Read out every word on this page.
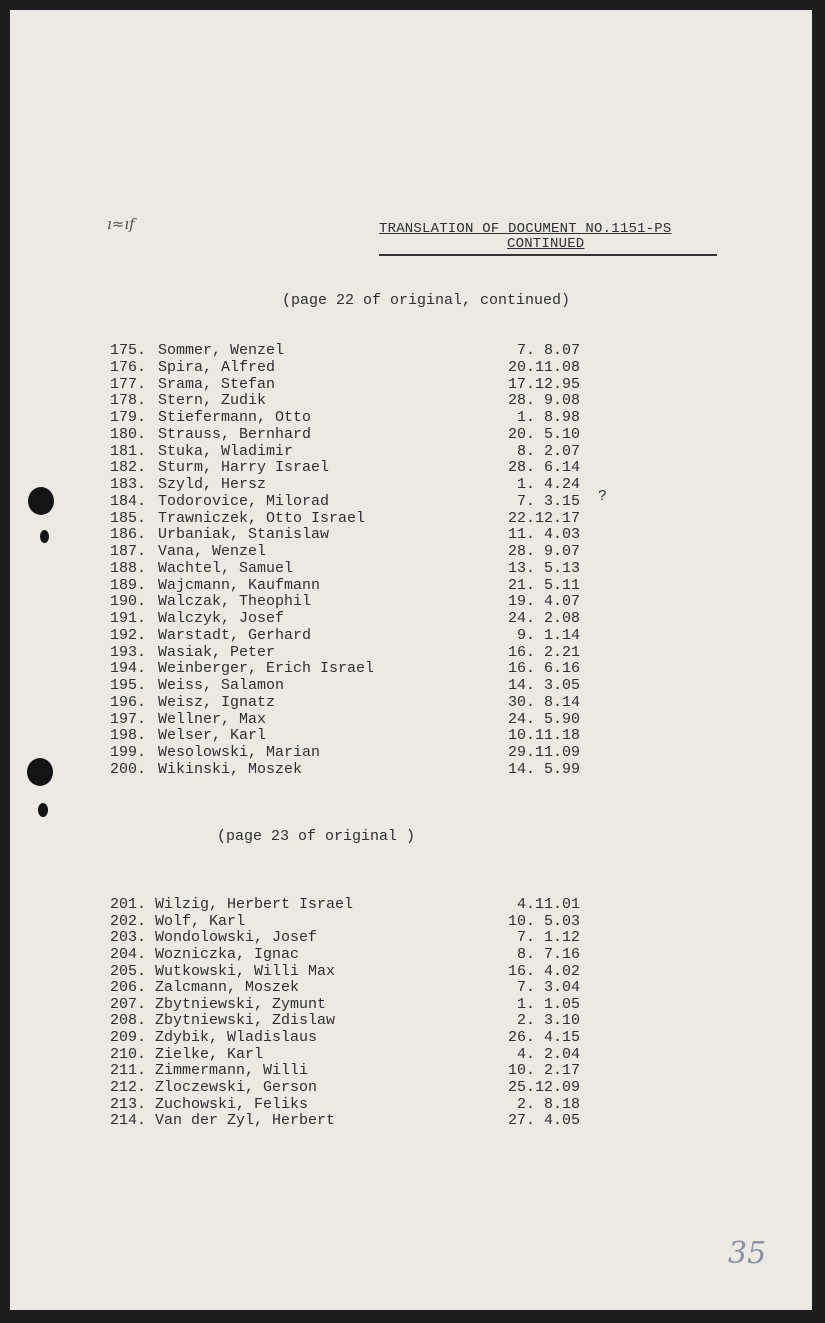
ı≈ıf	TRANSLATION OF DOCUMENT NO.1151-PS
CONTINUED
(page 22 of original, continued)
175. Sommer, Wenzel	7. 8.07
176. Spira, Alfred	20.11.08
177. Srama, Stefan	17.12.95
178. Stern, Zudik	28. 9.08
179. Stiefermann, Otto	1. 8.98
180. Strauss, Bernhard	20. 5.10
181. Stuka, Wladimir	8. 2.07
182. Sturm, Harry Israel	28. 6.14
183. Szyld, Hersz	1. 4.24
184. Todorovice, Milorad	7. 3.15
185. Trawniczek, Otto Israel	22.12.17
186. Urbaniak, Stanislaw	11. 4.03
187. Vana, Wenzel	28. 9.07
188. Wachtel, Samuel	13. 5.13
189. Wajcmann, Kaufmann	21. 5.11
190. Walczak, Theophil	19. 4.07
191. Walczyk, Josef	24. 2.08
192. Warstadt, Gerhard	9. 1.14
193. Wasiak, Peter	16. 2.21
194. Weinberger, Erich Israel	16. 6.16
195. Weiss, Salamon	14. 3.05
196. Weisz, Ignatz	30. 8.14
197. Wellner, Max	24. 5.90
198. Welser, Karl	10.11.18
199. Wesolowski, Marian	29.11.09
200. Wikinski, Moszek	14. 5.99
?
(page 23 of original )
201. Wilzig, Herbert Israel	4.11.01
202. Wolf, Karl	10. 5.03
203. Wondolowski, Josef	7. 1.12
204. Wozniczka, Ignac	8. 7.16
205. Wutkowski, Willi Max	16. 4.02
206. Zalcmann, Moszek	7. 3.04
207. Zbytniewski, Zymunt	1. 1.05
208. Zbytniewski, Zdislaw	2. 3.10
209. Zdybik, Wladislaus	26. 4.15
210. Zielke, Karl	4. 2.04
211. Zimmermann, Willi	10. 2.17
212. Zloczewski, Gerson	25.12.09
213. Zuchowski, Feliks	2. 8.18
214. Van der Zyl, Herbert	27. 4.05
35
